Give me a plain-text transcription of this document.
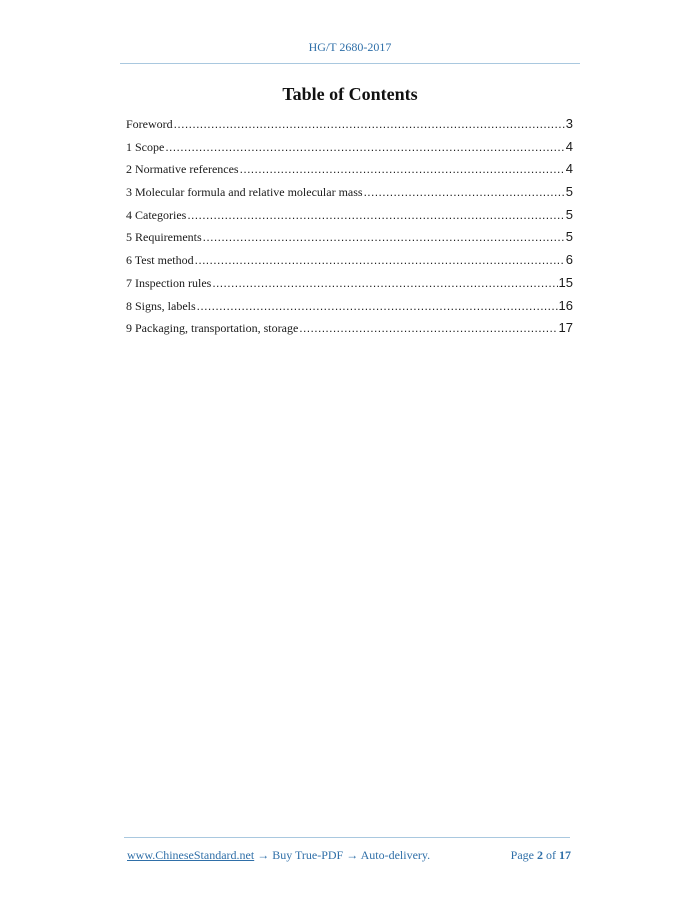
HG/T 2680-2017
Table of Contents
Foreword .....	3
1 Scope .....	4
2 Normative references .....	4
3 Molecular formula and relative molecular mass .....	5
4 Categories .....	5
5 Requirements .....	5
6 Test method .....	6
7 Inspection rules .....	15
8 Signs, labels .....	16
9 Packaging, transportation, storage .....	17
www.ChineseStandard.net → Buy True-PDF → Auto-delivery.	Page 2 of 17
